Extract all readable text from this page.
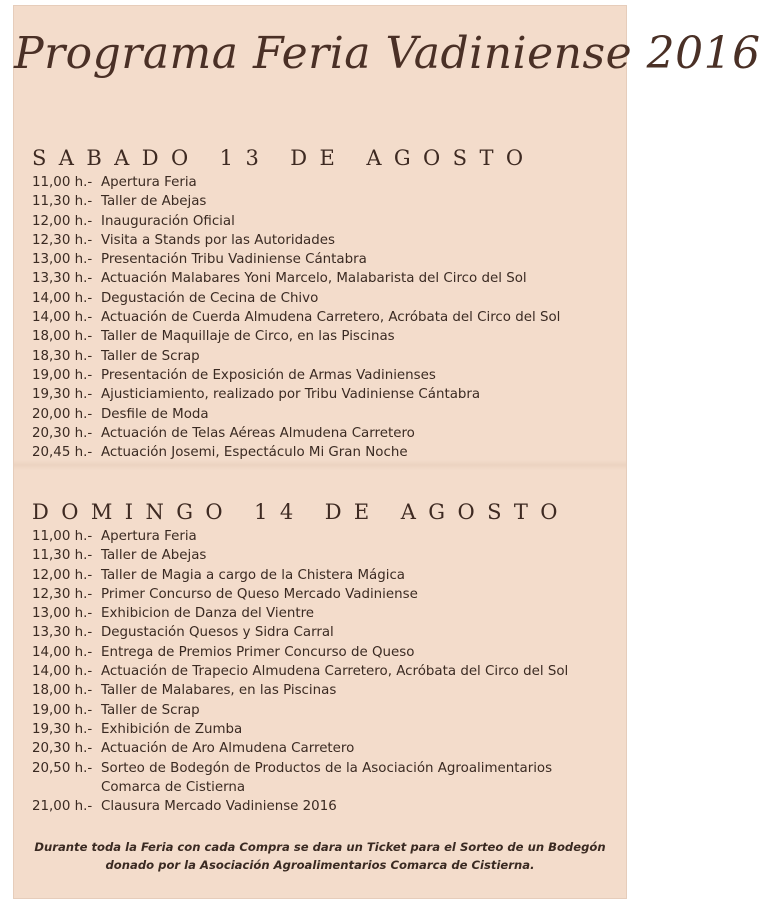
Programa Feria Vadiniense 2016
SABADO 13 DE AGOSTO
11,00 h.- Apertura Feria
11,30 h.- Taller de Abejas
12,00 h.- Inauguración Oficial
12,30 h.- Visita a Stands por las Autoridades
13,00 h.- Presentación Tribu Vadiniense Cántabra
13,30 h.- Actuación Malabares Yoni Marcelo, Malabarista del Circo del Sol
14,00 h.- Degustación de Cecina de Chivo
14,00 h.- Actuación de Cuerda Almudena Carretero, Acróbata del Circo del Sol
18,00 h.- Taller de Maquillaje de Circo, en las Piscinas
18,30 h.- Taller de Scrap
19,00 h.- Presentación de Exposición de Armas Vadinienses
19,30 h.- Ajusticiamiento, realizado por Tribu Vadiniense Cántabra
20,00 h.- Desfile de Moda
20,30 h.- Actuación de Telas Aéreas Almudena Carretero
20,45 h.- Actuación Josemi, Espectáculo Mi Gran Noche
DOMINGO 14 DE AGOSTO
11,00 h.- Apertura Feria
11,30 h.- Taller de Abejas
12,00 h.- Taller de Magia a cargo de la Chistera Mágica
12,30 h.- Primer Concurso de Queso Mercado Vadiniense
13,00 h.- Exhibicion de Danza del Vientre
13,30 h.- Degustación Quesos y Sidra Carral
14,00 h.- Entrega de Premios Primer Concurso de Queso
14,00 h.- Actuación de Trapecio Almudena Carretero, Acróbata del Circo del Sol
18,00 h.- Taller de Malabares, en las Piscinas
19,00 h.- Taller de Scrap
19,30 h.- Exhibición de Zumba
20,30 h.- Actuación de Aro Almudena Carretero
20,50 h.- Sorteo de Bodegón de Productos de la Asociación Agroalimentarios Comarca de Cistierna
21,00 h.- Clausura Mercado Vadiniense 2016

Durante toda la Feria con cada Compra se dara un Ticket para el Sorteo de un Bodegón
donado por la Asociación Agroalimentarios Comarca de Cistierna.
